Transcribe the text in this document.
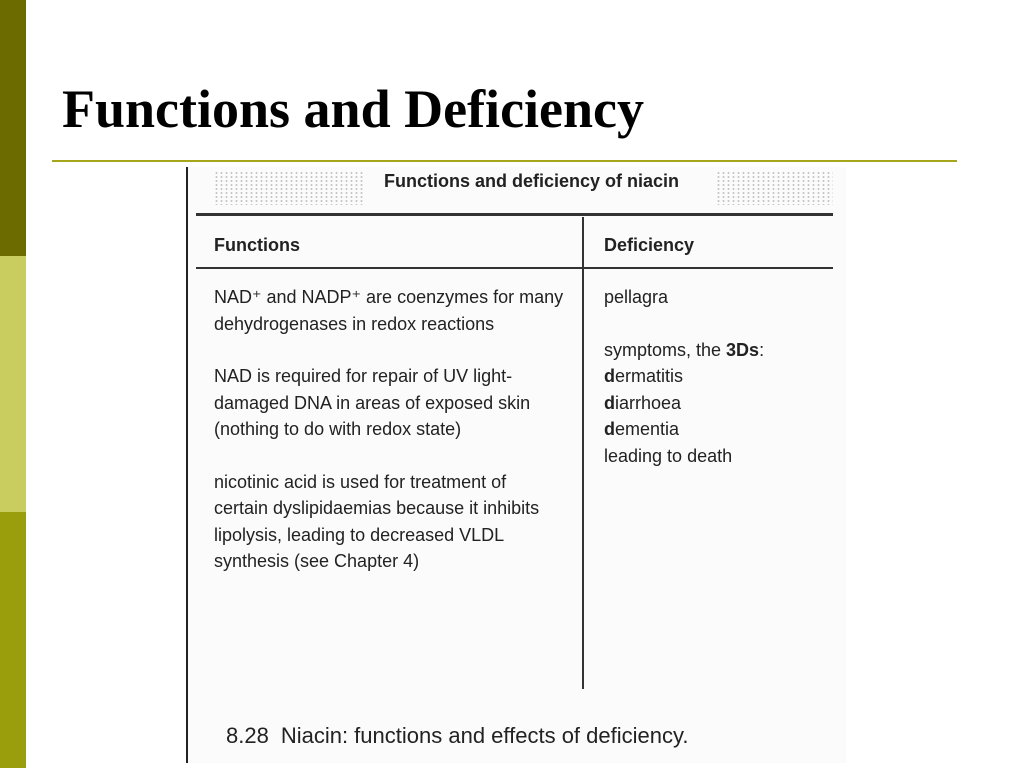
Functions and Deficiency
Functions and deficiency of niacin
Functions	Deficiency
NAD⁺ and NADP⁺ are coenzymes for many dehydrogenases in redox reactions
NAD is required for repair of UV light-damaged DNA in areas of exposed skin (nothing to do with redox state)
nicotinic acid is used for treatment of certain dyslipidaemias because it inhibits lipolysis, leading to decreased VLDL synthesis (see Chapter 4)
pellagra
symptoms, the 3Ds:
dermatitis
diarrhoea
dementia
leading to death
8.28 Niacin: functions and effects of deficiency.
